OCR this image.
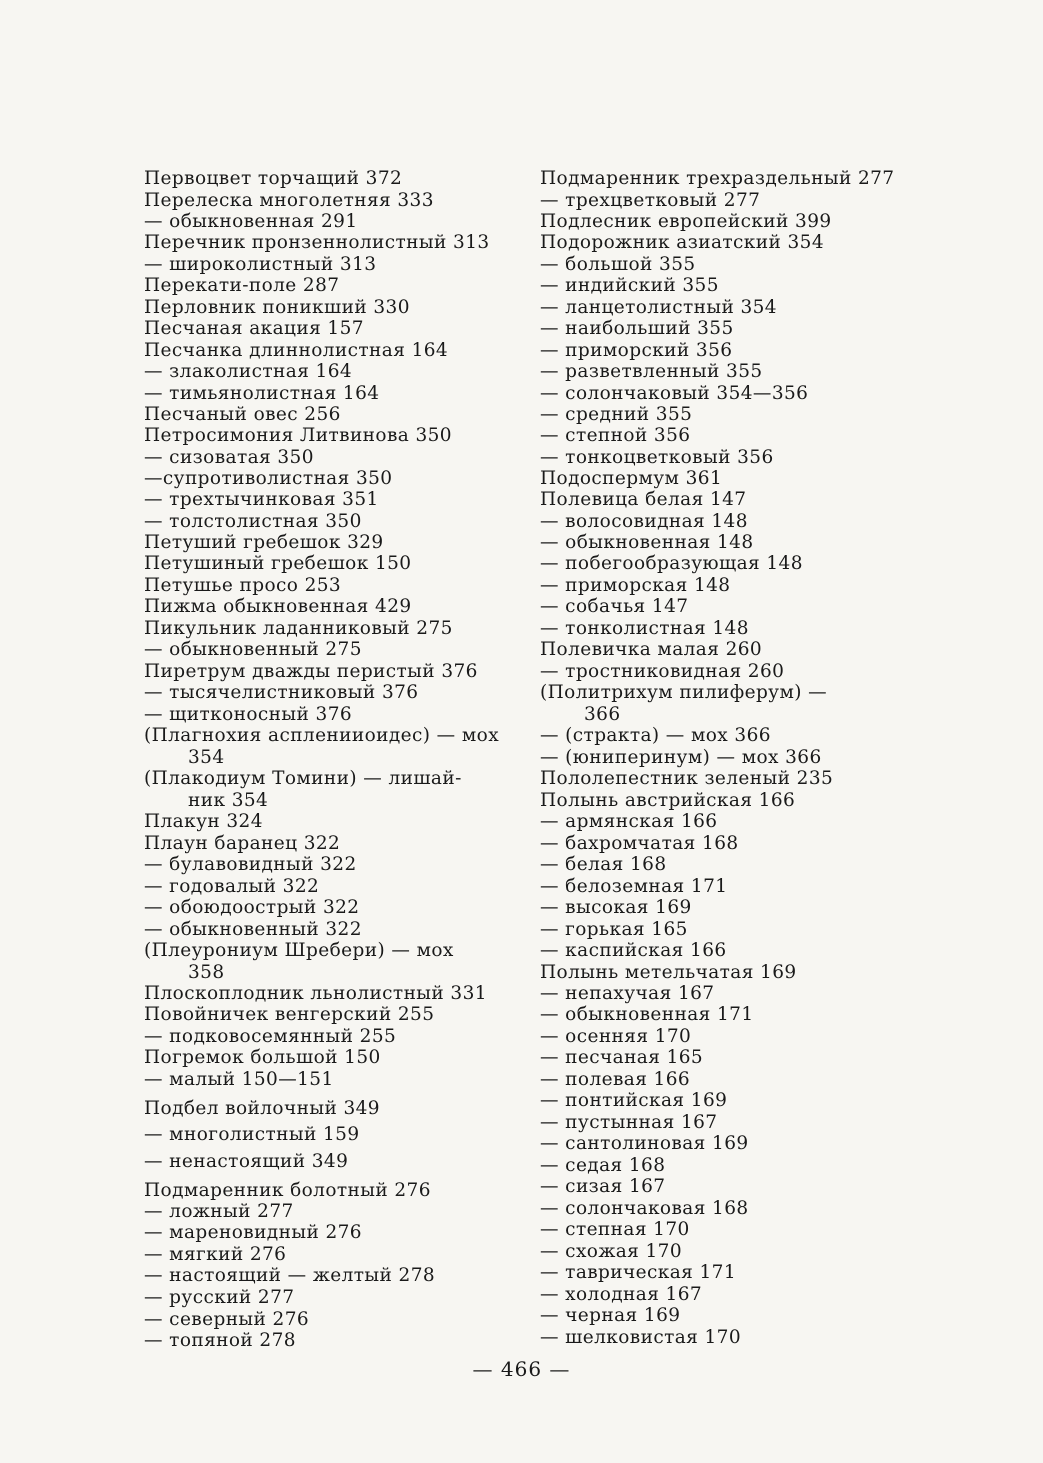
Первоцвет торчащий 372
Перелеска многолетняя 333
— обыкновенная 291
Перечник пронзеннолистный 313
— широколистный 313
Перекати-поле 287
Перловник поникший 330
Песчаная акация 157
Песчанка длиннолистная 164
— злаколистная 164
— тимьянолистная 164
Песчаный овес 256
Петросимония Литвинова 350
— сизоватая 350
—супротиволистная 350
— трехтычинковая 351
— толстолистная 350
Петуший гребешок 329
Петушиный гребешок 150
Петушье просо 253
Пижма обыкновенная 429
Пикульник ладанниковый 275
— обыкновенный 275
Пиретрум дважды перистый 376
— тысячелистниковый 376
— щитконосный 376
(Плагнохия аспленииоидес) — мох
354
(Плакодиум Томини) — лишай-
ник 354
Плакун 324
Плаун баранец 322
— булавовидный 322
— годовалый 322
— обоюдоострый 322
— обыкновенный 322
(Плеурониум Шребери) — мох
358
Плоскоплодник льнолистный 331
Повойничек венгерский 255
— подковосемянный 255
Погремок большой 150
— малый 150—151
Подбел войлочный 349
— многолистный 159
— ненастоящий 349
Подмаренник болотный 276
— ложный 277
— мареновидный 276
— мягкий 276
— настоящий — желтый 278
— русский 277
— северный 276
— топяной 278
Подмаренник трехраздельный 277
— трехцветковый 277
Подлесник европейский 399
Подорожник азиатский 354
— большой 355
— индийский 355
— ланцетолистный 354
— наибольший 355
— приморский 356
— разветвленный 355
— солончаковый 354—356
— средний 355
— степной 356
— тонкоцветковый 356
Подоспермум 361
Полевица белая 147
— волосовидная 148
— обыкновенная 148
— побегообразующая 148
— приморская 148
— собачья 147
— тонколистная 148
Полевичка малая 260
— тростниковидная 260
(Политрихум пилиферум) —
366
— (стракта) — мох 366
— (юниперинум) — мох 366
Пололепестник зеленый 235
Полынь австрийская 166
— армянская 166
— бахромчатая 168
— белая 168
— белоземная 171
— высокая 169
— горькая 165
— каспийская 166
Полынь метельчатая 169
— непахучая 167
— обыкновенная 171
— осенняя 170
— песчаная 165
— полевая 166
— понтийская 169
— пустынная 167
— сантолиновая 169
— седая 168
— сизая 167
— солончаковая 168
— степная 170
— схожая 170
— таврическая 171
— холодная 167
— черная 169
— шелковистая 170
— 466 —
